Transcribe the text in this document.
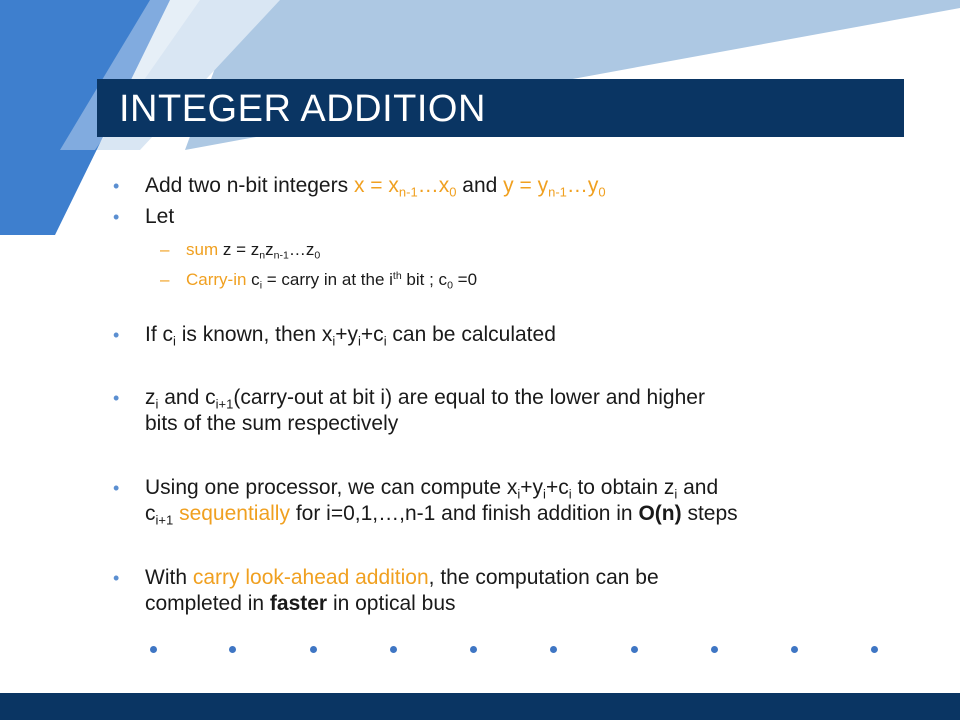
INTEGER ADDITION
• Add two n-bit integers $x = x_{n-1}\dots x_0$ and $y = y_{n-1}\dots y_0$
• Let
– sum $z = z_nz_{n-1}\dots z_0$
– Carry-in $c_i$ = carry in at the $i^{th}$ bit ; $c_0 =0$
• If $c_i$ is known, then $x_i+y_i+c_i$ can be calculated
• $z_i$ and $c_{i+1}(carry$-out at bit i) are equal to the lower and higher
bits of the sum respectively
• Using one processor, we can compute $x_i+y_i+c_i$ to obtain $z_i$ and
$c_{i+1}$ sequentially for i=0,1,…,n-1 and finish addition in O(n) steps
• With carry look-ahead addition, the computation can be
completed in faster in optical bus
